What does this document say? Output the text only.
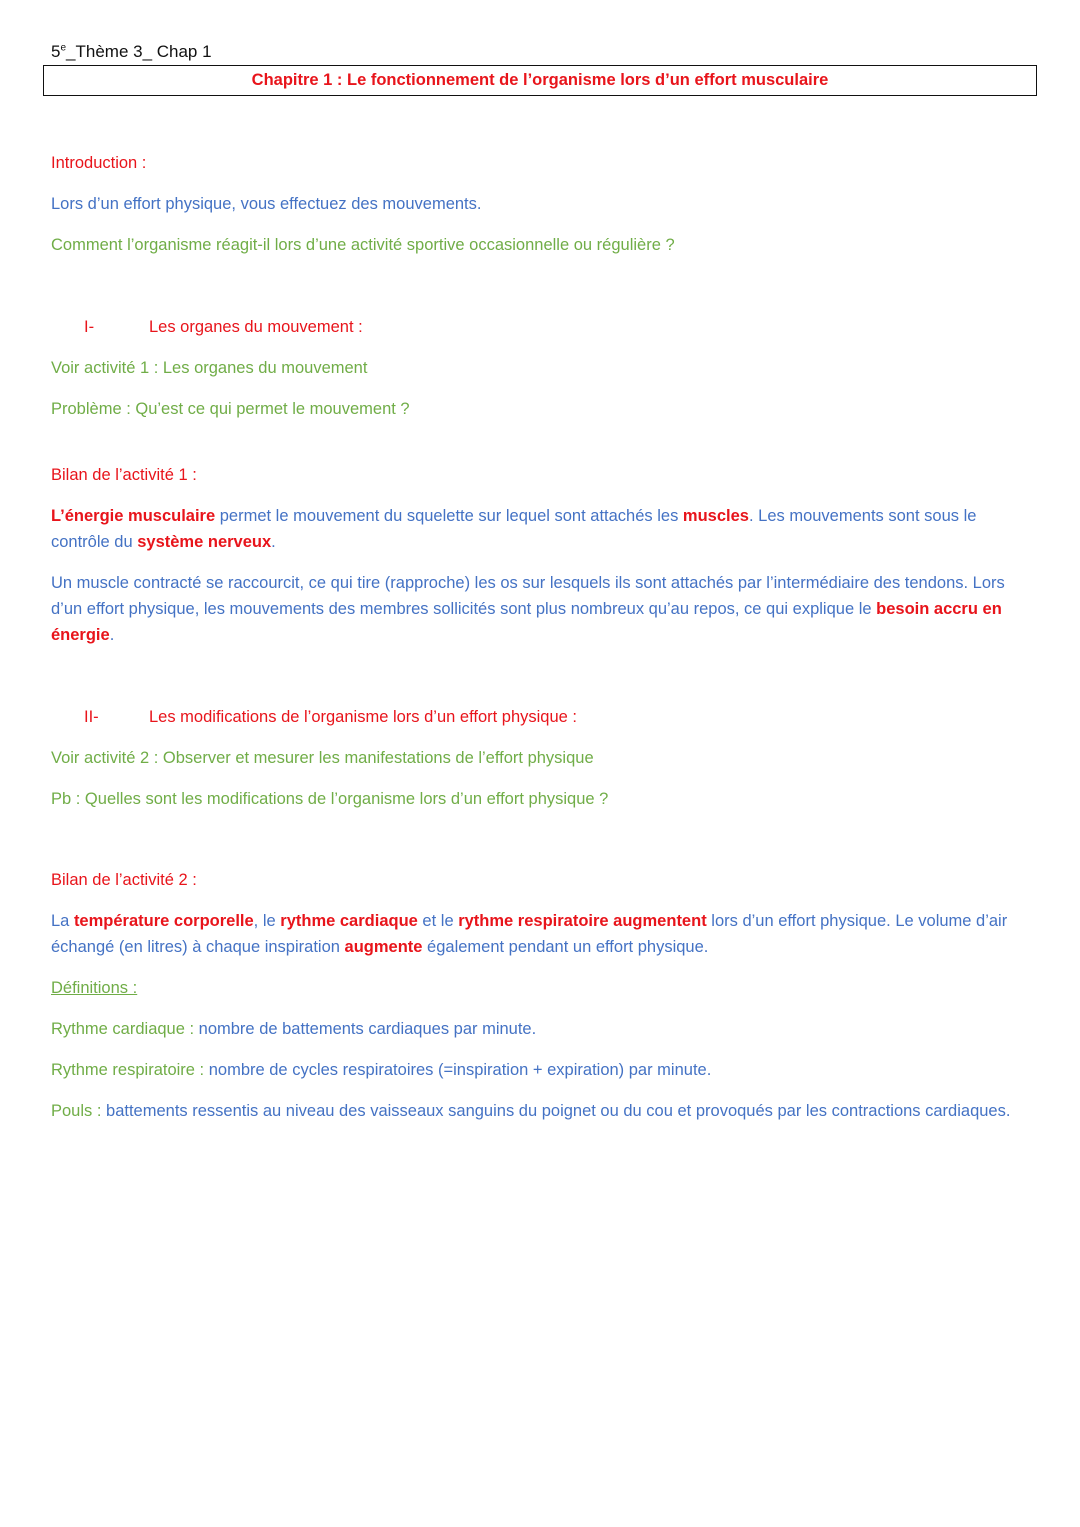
5e_Thème 3_ Chap 1
Chapitre 1 : Le fonctionnement de l’organisme lors d’un effort musculaire
Introduction :
Lors d’un effort physique, vous effectuez des mouvements.
Comment l’organisme réagit-il lors d’une activité sportive occasionnelle ou régulière ?
I-	Les organes du mouvement :
Voir activité 1 : Les organes du mouvement
Problème : Qu’est ce qui permet le mouvement ?
Bilan de l’activité 1 :
L’énergie musculaire permet le mouvement du squelette sur lequel sont attachés les muscles. Les mouvements sont sous le contrôle du système nerveux.
Un muscle contracté se raccourcit, ce qui tire (rapproche) les os sur lesquels ils sont attachés par l’intermédiaire des tendons. Lors d’un effort physique, les mouvements des membres sollicités sont plus nombreux qu’au repos, ce qui explique le besoin accru en énergie.
II-	Les modifications de l’organisme lors d’un effort physique :
Voir activité 2 : Observer et mesurer les manifestations de l’effort physique
Pb : Quelles sont les modifications de l’organisme lors d’un effort physique ?
Bilan de l’activité 2 :
La température corporelle, le rythme cardiaque et le rythme respiratoire augmentent lors d’un effort physique. Le volume d’air échangé (en litres) à chaque inspiration augmente également pendant un effort physique.
Définitions :
Rythme cardiaque : nombre de battements cardiaques par minute.
Rythme respiratoire : nombre de cycles respiratoires (=inspiration + expiration) par minute.
Pouls : battements ressentis au niveau des vaisseaux sanguins du poignet ou du cou et provoqués par les contractions cardiaques.
